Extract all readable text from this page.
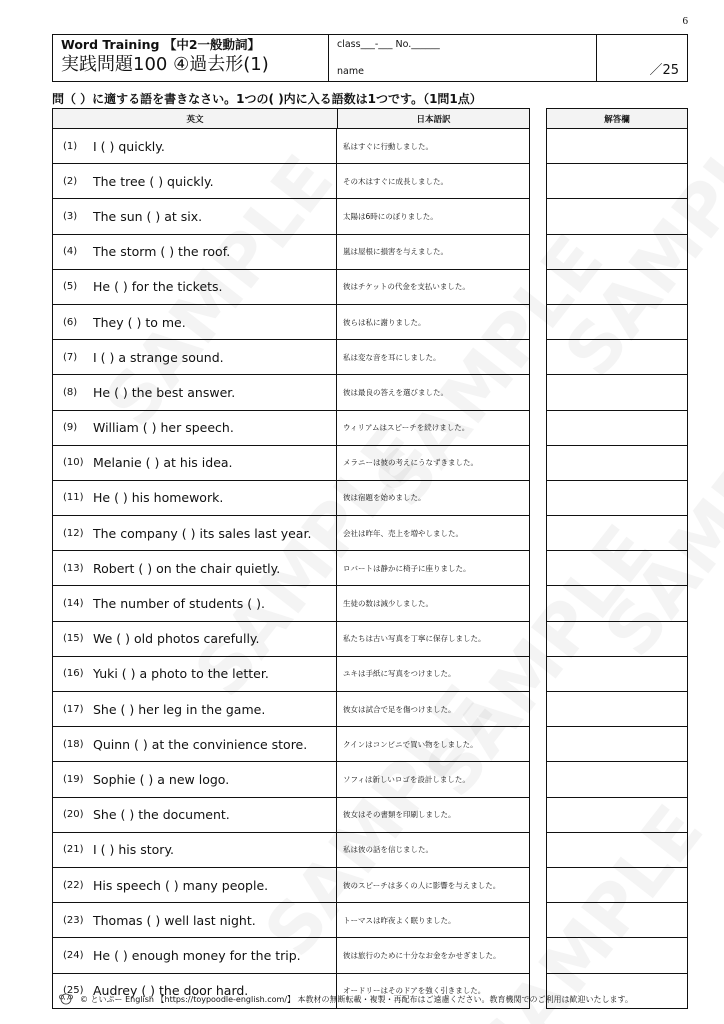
6
Word Training 【中2一般動詞】
実践問題100 ④過去形(1)
class___-___ No.______
name	／25
問（ ）に適する語を書きなさい。1つの( )内に入る語数は1つです。（1問1点）
英文	日本語訳
(1)	I ( ) quickly.	私はすぐに行動しました。
(2)	The tree ( ) quickly.	その木はすぐに成長しました。
(3)	The sun ( ) at six.	太陽は6時にのぼりました。
(4)	The storm ( ) the roof.	嵐は屋根に損害を与えました。
(5)	He ( ) for the tickets.	彼はチケットの代金を支払いました。
(6)	They ( ) to me.	彼らは私に謝りました。
(7)	I ( ) a strange sound.	私は変な音を耳にしました。
(8)	He ( ) the best answer.	彼は最良の答えを選びました。
(9)	William ( ) her speech.	ウィリアムはスピーチを続けました。
(10) Melanie ( ) at his idea.	メラニーは彼の考えにうなずきました。
(11) He ( ) his homework.	彼は宿題を始めました。
(12) The company ( ) its sales last year.	会社は昨年、売上を増やしました。
(13) Robert ( ) on the chair quietly.	ロバートは静かに椅子に座りました。
(14) The number of students ( ).	生徒の数は減少しました。
(15) We ( ) old photos carefully.	私たちは古い写真を丁寧に保存しました。
(16) Yuki ( ) a photo to the letter.	ユキは手紙に写真をつけました。
(17) She ( ) her leg in the game.	彼女は試合で足を傷つけました。
(18) Quinn ( ) at the convinience store.	クインはコンビニで買い物をしました。
(19) Sophie ( ) a new logo.	ソフィは新しいロゴを設計しました。
(20) She ( ) the document.	彼女はその書類を印刷しました。
(21) I ( ) his story.	私は彼の話を信じました。
(22) His speech ( ) many people.	彼のスピーチは多くの人に影響を与えました。
(23) Thomas ( ) well last night.	トーマスは昨夜よく眠りました。
(24) He ( ) enough money for the trip.	彼は旅行のために十分なお金をかせぎました。
(25) Audrey ( ) the door hard.	オードリーはそのドアを強く引きました。
解答欄
© といぷー English 【https://toypoodle-english.com/】 本教材の無断転載・複製・再配布はご遠慮ください。教育機関でのご利用は歓迎いたします。
